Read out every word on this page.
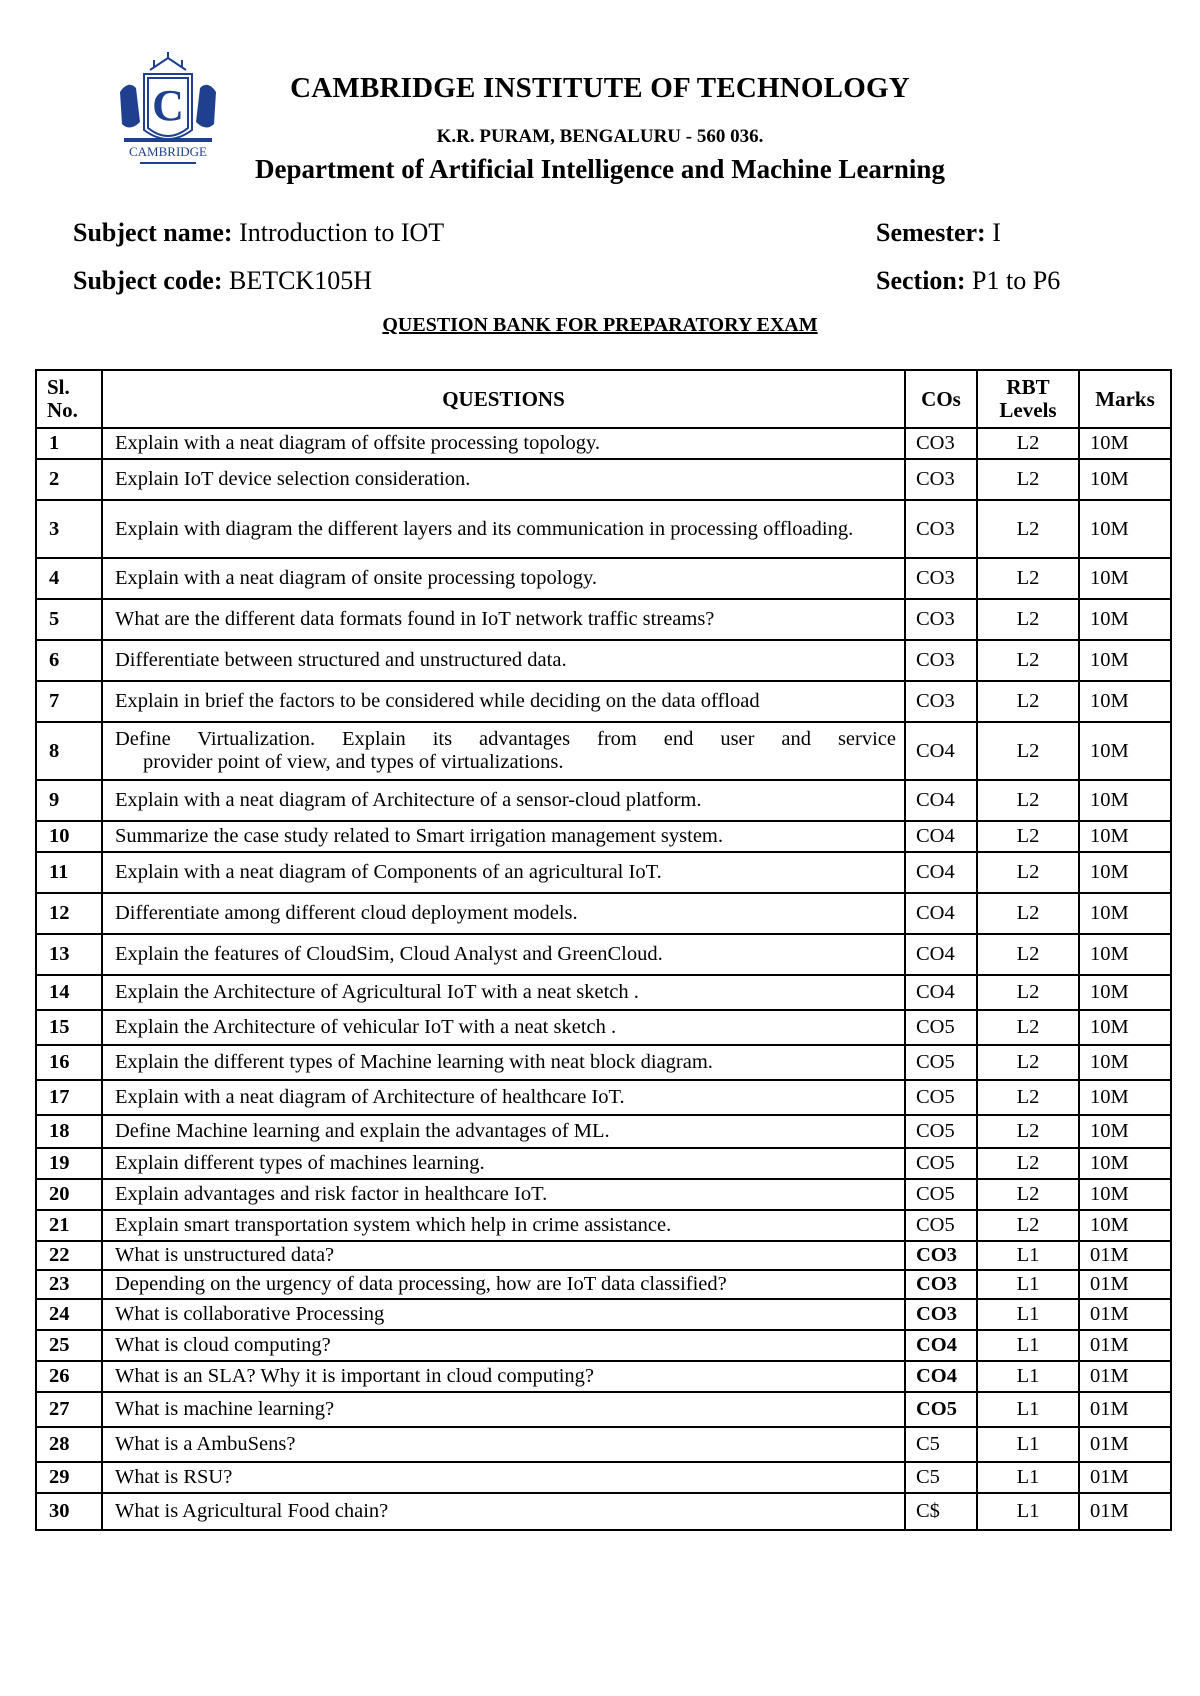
C
CAMBRIDGE
CAMBRIDGE INSTITUTE OF TECHNOLOGY
K.R. PURAM, BENGALURU - 560 036.
Department of Artificial Intelligence and Machine Learning
Subject name: Introduction to IOT	Semester: I
Subject code: BETCK105H	Section: P1 to P6
QUESTION BANK FOR PREPARATORY EXAM
Sl. No.	QUESTIONS	COs	RBT Levels	Marks
1	Explain with a neat diagram of offsite processing topology.	CO3	L2	10M
2	Explain IoT device selection consideration.	CO3	L2	10M
3	Explain with diagram the different layers and its communication in processing offloading.	CO3	L2	10M
4	Explain with a neat diagram of onsite processing topology.	CO3	L2	10M
5	What are the different data formats found in IoT network traffic streams?	CO3	L2	10M
6	Differentiate between structured and unstructured data.	CO3	L2	10M
7	Explain in brief the factors to be considered while deciding on the data offload	CO3	L2	10M
8	Define Virtualization. Explain its advantages from end user and service
provider point of view, and types of virtualizations.	CO4	L2	10M
9	Explain with a neat diagram of Architecture of a sensor-cloud platform.	CO4	L2	10M
10	Summarize the case study related to Smart irrigation management system.	CO4	L2	10M
11	Explain with a neat diagram of Components of an agricultural IoT.	CO4	L2	10M
12	Differentiate among different cloud deployment models.	CO4	L2	10M
13	Explain the features of CloudSim, Cloud Analyst and GreenCloud.	CO4	L2	10M
14	Explain the Architecture of Agricultural IoT with a neat sketch .	CO4	L2	10M
15	Explain the Architecture of vehicular IoT with a neat sketch .	CO5	L2	10M
16	Explain the different types of Machine learning with neat block diagram.	CO5	L2	10M
17	Explain with a neat diagram of Architecture of healthcare IoT.	CO5	L2	10M
18	Define Machine learning and explain the advantages of ML.	CO5	L2	10M
19	Explain different types of machines learning.	CO5	L2	10M
20	Explain advantages and risk factor in healthcare IoT.	CO5	L2	10M
21	Explain smart transportation system which help in crime assistance.	CO5	L2	10M
22	What is unstructured data?	CO3	L1	01M
23	Depending on the urgency of data processing, how are IoT data classified?	CO3	L1	01M
24	What is collaborative Processing	CO3	L1	01M
25	What is cloud computing?	CO4	L1	01M
26	What is an SLA? Why it is important in cloud computing?	CO4	L1	01M
27	What is machine learning?	CO5	L1	01M
28	What is a AmbuSens?	C5	L1	01M
29	What is RSU?	C5	L1	01M
30	What is Agricultural Food chain?	C$	L1	01M
